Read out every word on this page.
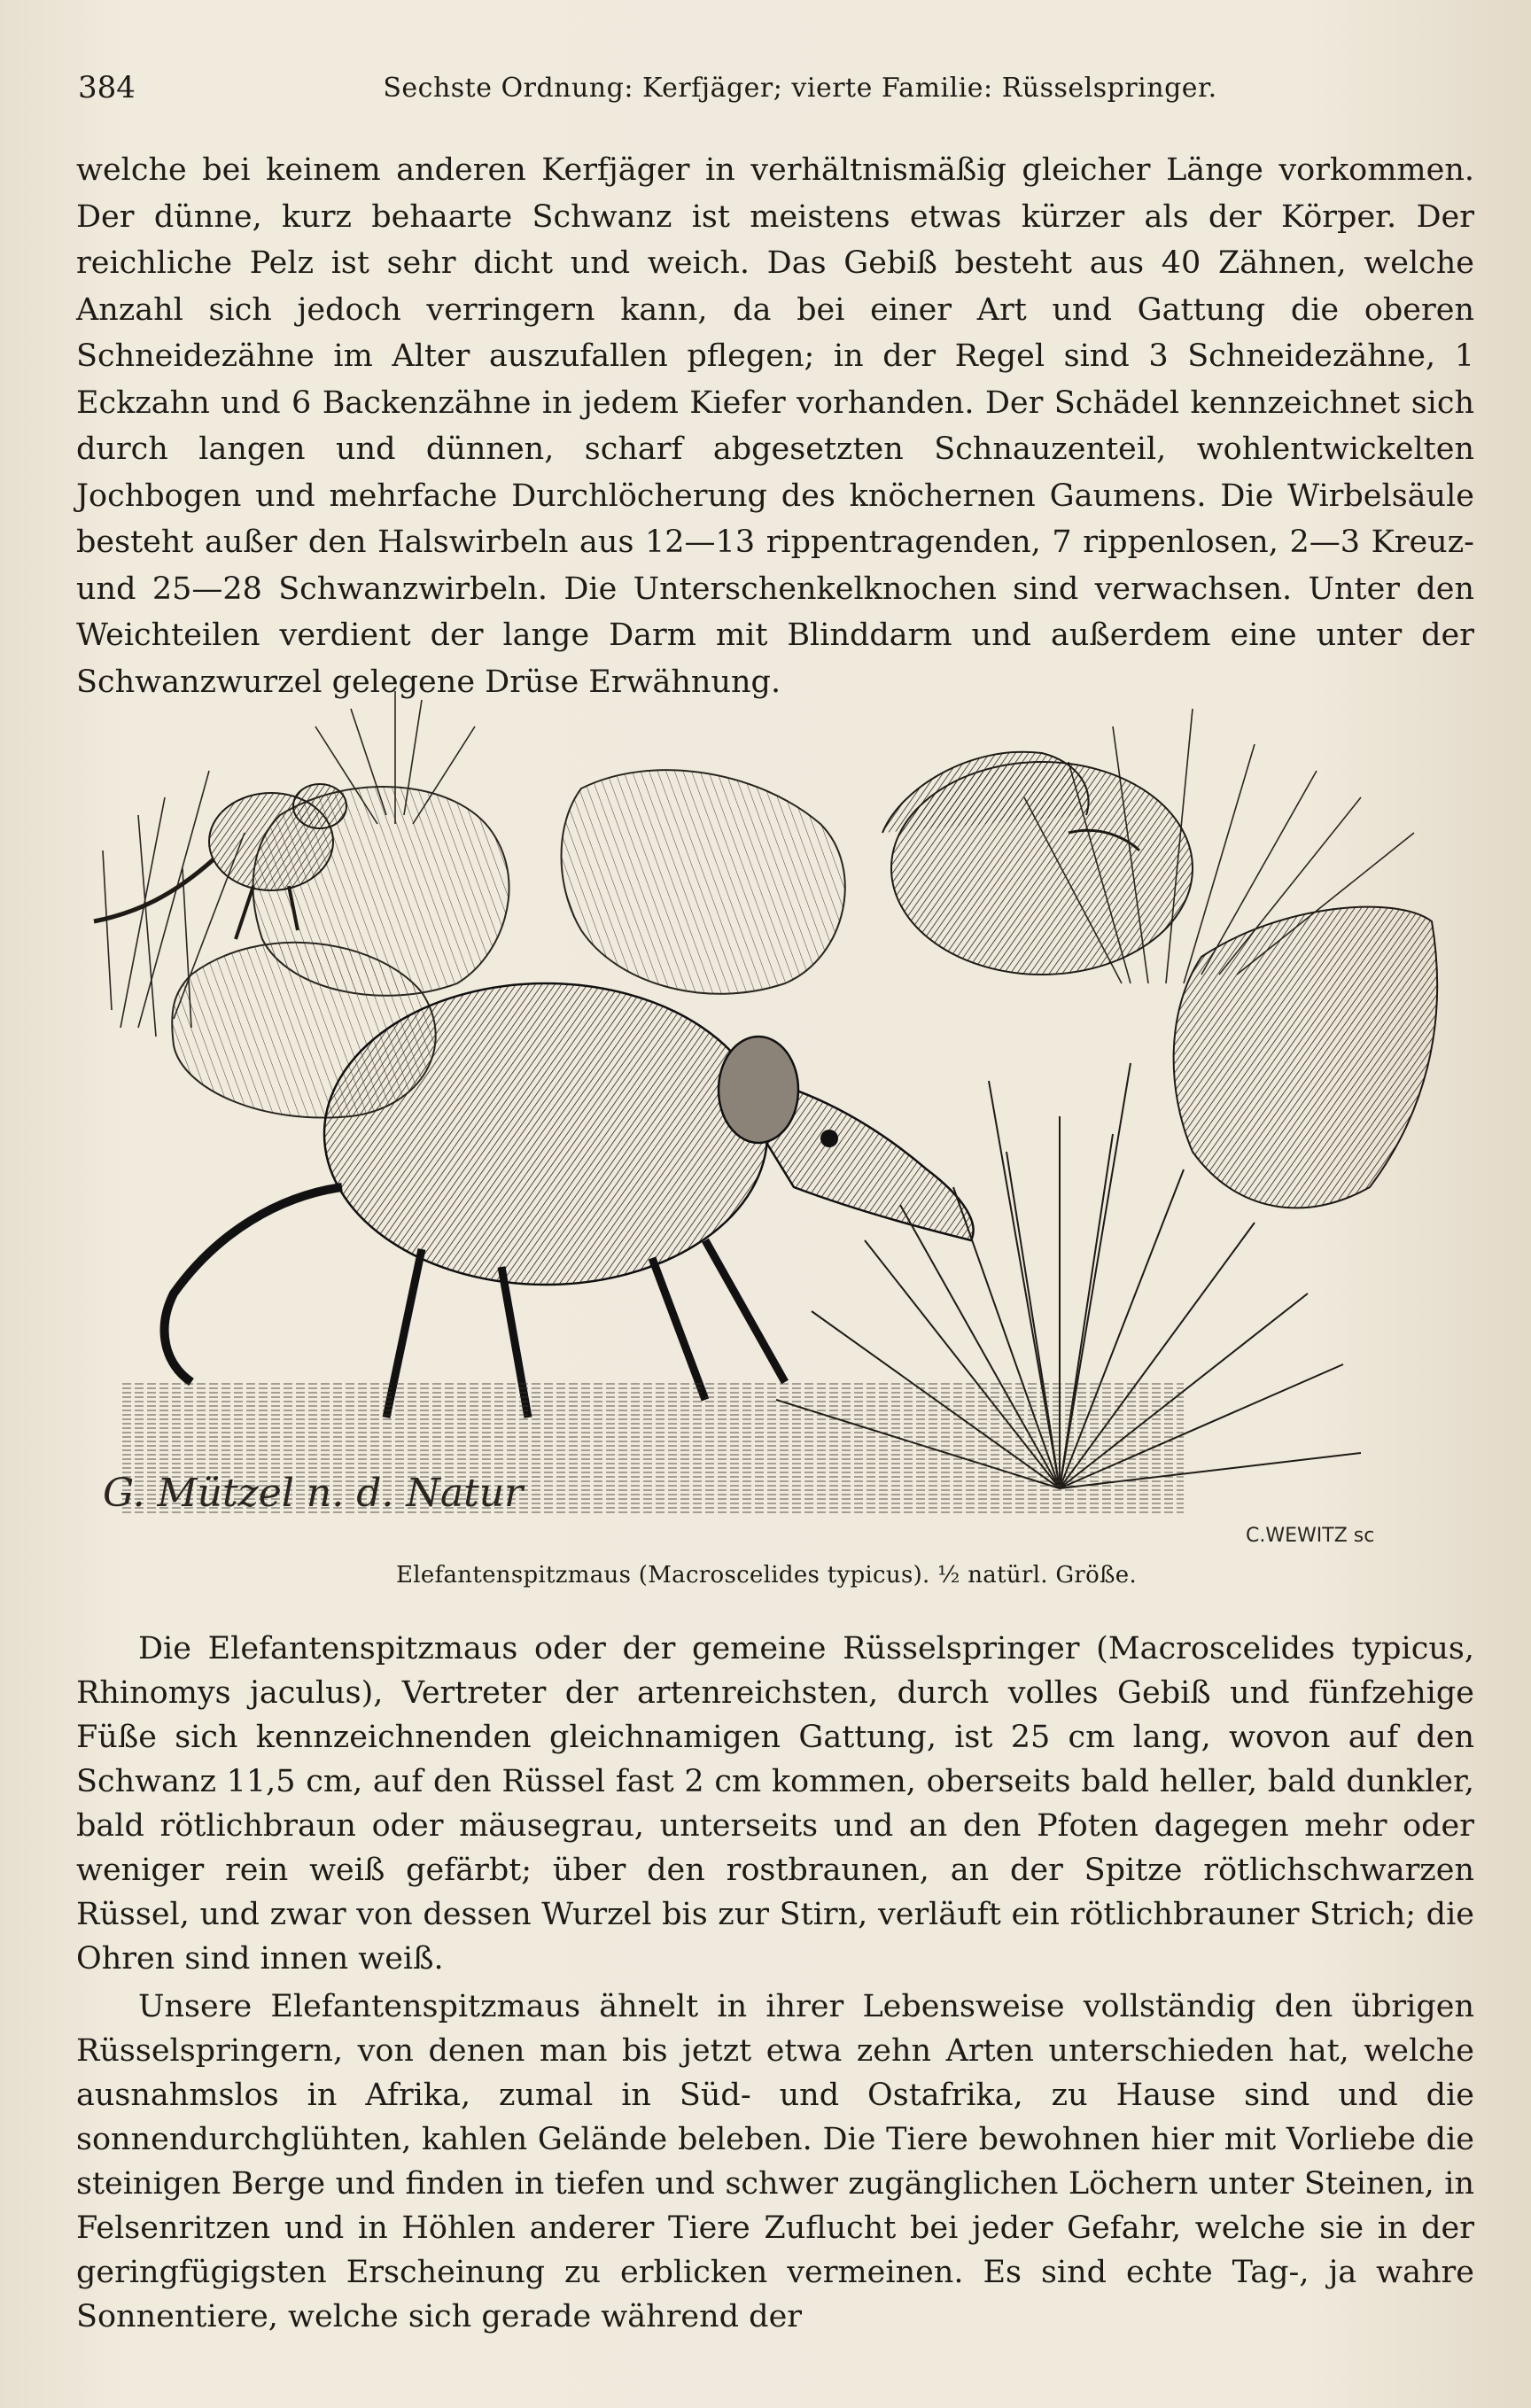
384	Sechste Ordnung: Kerfjäger; vierte Familie: Rüsselspringer.

welche bei keinem anderen Kerfjäger in verhältnismäßig gleicher Länge vorkommen. Der dünne, kurz behaarte Schwanz ist meistens etwas kürzer als der Körper. Der reichliche Pelz ist sehr dicht und weich. Das Gebiß besteht aus 40 Zähnen, welche Anzahl sich jedoch verringern kann, da bei einer Art und Gattung die oberen Schneidezähne im Alter auszufallen pflegen; in der Regel sind 3 Schneidezähne, 1 Eckzahn und 6 Backenzähne in jedem Kiefer vorhanden. Der Schädel kennzeichnet sich durch langen und dünnen, scharf abgesetzten Schnauzenteil, wohlentwickelten Jochbogen und mehrfache Durchlöcherung des knöchernen Gaumens. Die Wirbelsäule besteht außer den Halswirbeln aus 12—13 rippentragenden, 7 rippenlosen, 2—3 Kreuz- und 25—28 Schwanzwirbeln. Die Unterschenkelknochen sind verwachsen. Unter den Weichteilen verdient der lange Darm mit Blinddarm und außerdem eine unter der Schwanzwurzel gelegene Drüse Erwähnung.

G. Mützel n. d. Natur
C.WEWITZ sc
Elefantenspitzmaus (Macroscelides typicus). ½ natürl. Größe.

Die Elefantenspitzmaus oder der gemeine Rüsselspringer (Macroscelides typicus, Rhinomys jaculus), Vertreter der artenreichsten, durch volles Gebiß und fünfzehige Füße sich kennzeichnenden gleichnamigen Gattung, ist 25 cm lang, wovon auf den Schwanz 11,5 cm, auf den Rüssel fast 2 cm kommen, oberseits bald heller, bald dunkler, bald rötlichbraun oder mäusegrau, unterseits und an den Pfoten dagegen mehr oder weniger rein weiß gefärbt; über den rostbraunen, an der Spitze rötlichschwarzen Rüssel, und zwar von dessen Wurzel bis zur Stirn, verläuft ein rötlichbrauner Strich; die Ohren sind innen weiß.

Unsere Elefantenspitzmaus ähnelt in ihrer Lebensweise vollständig den übrigen Rüsselspringern, von denen man bis jetzt etwa zehn Arten unterschieden hat, welche ausnahmslos in Afrika, zumal in Süd- und Ostafrika, zu Hause sind und die sonnendurchglühten, kahlen Gelände beleben. Die Tiere bewohnen hier mit Vorliebe die steinigen Berge und finden in tiefen und schwer zugänglichen Löchern unter Steinen, in Felsenritzen und in Höhlen anderer Tiere Zuflucht bei jeder Gefahr, welche sie in der geringfügigsten Erscheinung zu erblicken vermeinen. Es sind echte Tag-, ja wahre Sonnentiere, welche sich gerade während der
